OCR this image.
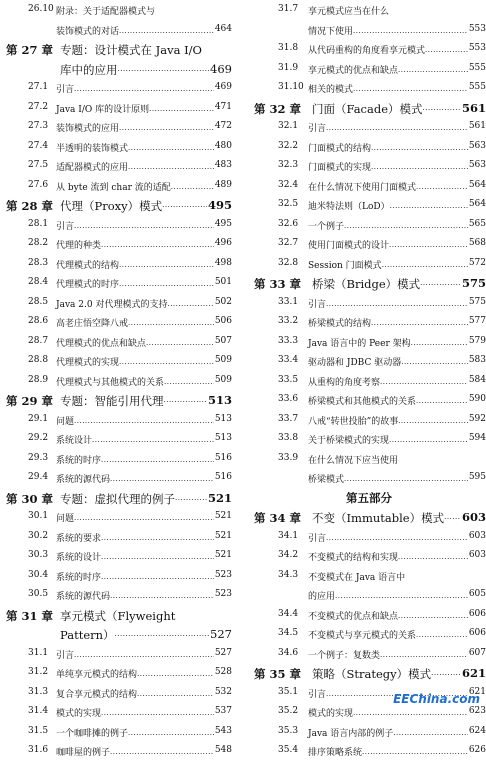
26.10 附录：关于适配器模式与
装饰模式的对话 .....	464
第 27 章 专题：设计模式在 Java I/O
库中的应用 .....	469
27.1 引言 .....	469
27.2 Java I/O 库的设计原则 .....	471
27.3 装饰模式的应用 .....	472
27.4 半透明的装饰模式 .....	480
27.5 适配器模式的应用 .....	483
27.6 从 byte 流到 char 流的适配 .....	489
第 28 章 代理（Proxy）模式 .....	495
28.1 引言 .....	495
28.2 代理的种类 .....	496
28.3 代理模式的结构 .....	498
28.4 代理模式的时序 .....	501
28.5 Java 2.0 对代理模式的支持 .....	502
28.6 高老庄悟空降八戒 .....	506
28.7 代理模式的优点和缺点 .....	507
28.8 代理模式的实现 .....	509
28.9 代理模式与其他模式的关系 .....	509
第 29 章 专题：智能引用代理 .....	513
29.1 问题 .....	513
29.2 系统设计 .....	513
29.3 系统的时序 .....	516
29.4 系统的源代码 .....	516
第 30 章 专题：虚拟代理的例子 .....	521
30.1 问题 .....	521
30.2 系统的要求 .....	521
30.3 系统的设计 .....	521
30.4 系统的时序 .....	523
30.5 系统的源代码 .....	523
第 31 章 享元模式（Flyweight
Pattern） .....	527
31.1 引言 .....	527
31.2 单纯享元模式的结构 .....	528
31.3 复合享元模式的结构 .....	532
31.4 模式的实现 .....	537
31.5 一个咖啡摊的例子 .....	543
31.6 咖啡屋的例子 .....	548
31.7 享元模式应当在什么
情况下使用 .....	553
31.8 从代码重构的角度看享元模式 .....	553
31.9 享元模式的优点和缺点 .....	555
31.10 相关的模式 .....	555
第 32 章 门面（Facade）模式 .....	561
32.1 引言 .....	561
32.2 门面模式的结构 .....	563
32.3 门面模式的实现 .....	563
32.4 在什么情况下使用门面模式 .....	564
32.5 迪米特法则（LoD） .....	564
32.6 一个例子 .....	565
32.7 使用门面模式的设计 .....	568
32.8 Session 门面模式 .....	572
第 33 章 桥梁（Bridge）模式 .....	575
33.1 引言 .....	575
33.2 桥梁模式的结构 .....	577
33.3 Java 语言中的 Peer 架构 .....	579
33.4 驱动器和 JDBC 驱动器 .....	583
33.5 从重构的角度考察 .....	584
33.6 桥梁模式和其他模式的关系 .....	590
33.7 八戒“转世投胎”的故事 .....	592
33.8 关于桥梁模式的实现 .....	594
33.9 在什么情况下应当使用
桥梁模式 .....	595
第五部分
第 34 章 不变（Immutable）模式 ..... 603
34.1 引言 .....	603
34.2 不变模式的结构和实现 .....	603
34.3 不变模式在 Java 语言中
的应用 .....	605
34.4 不变模式的优点和缺点 .....	606
34.5 不变模式与享元模式的关系 .....	606
34.6 一个例子：复数类 .....	607
第 35 章 策略（Strategy）模式 .....	621
35.1 引言 .....	621
35.2 模式的实现 .....	623
35.3 Java 语言内部的例子 .....	624
35.4 排序策略系统 .....	626
EEChina.com
